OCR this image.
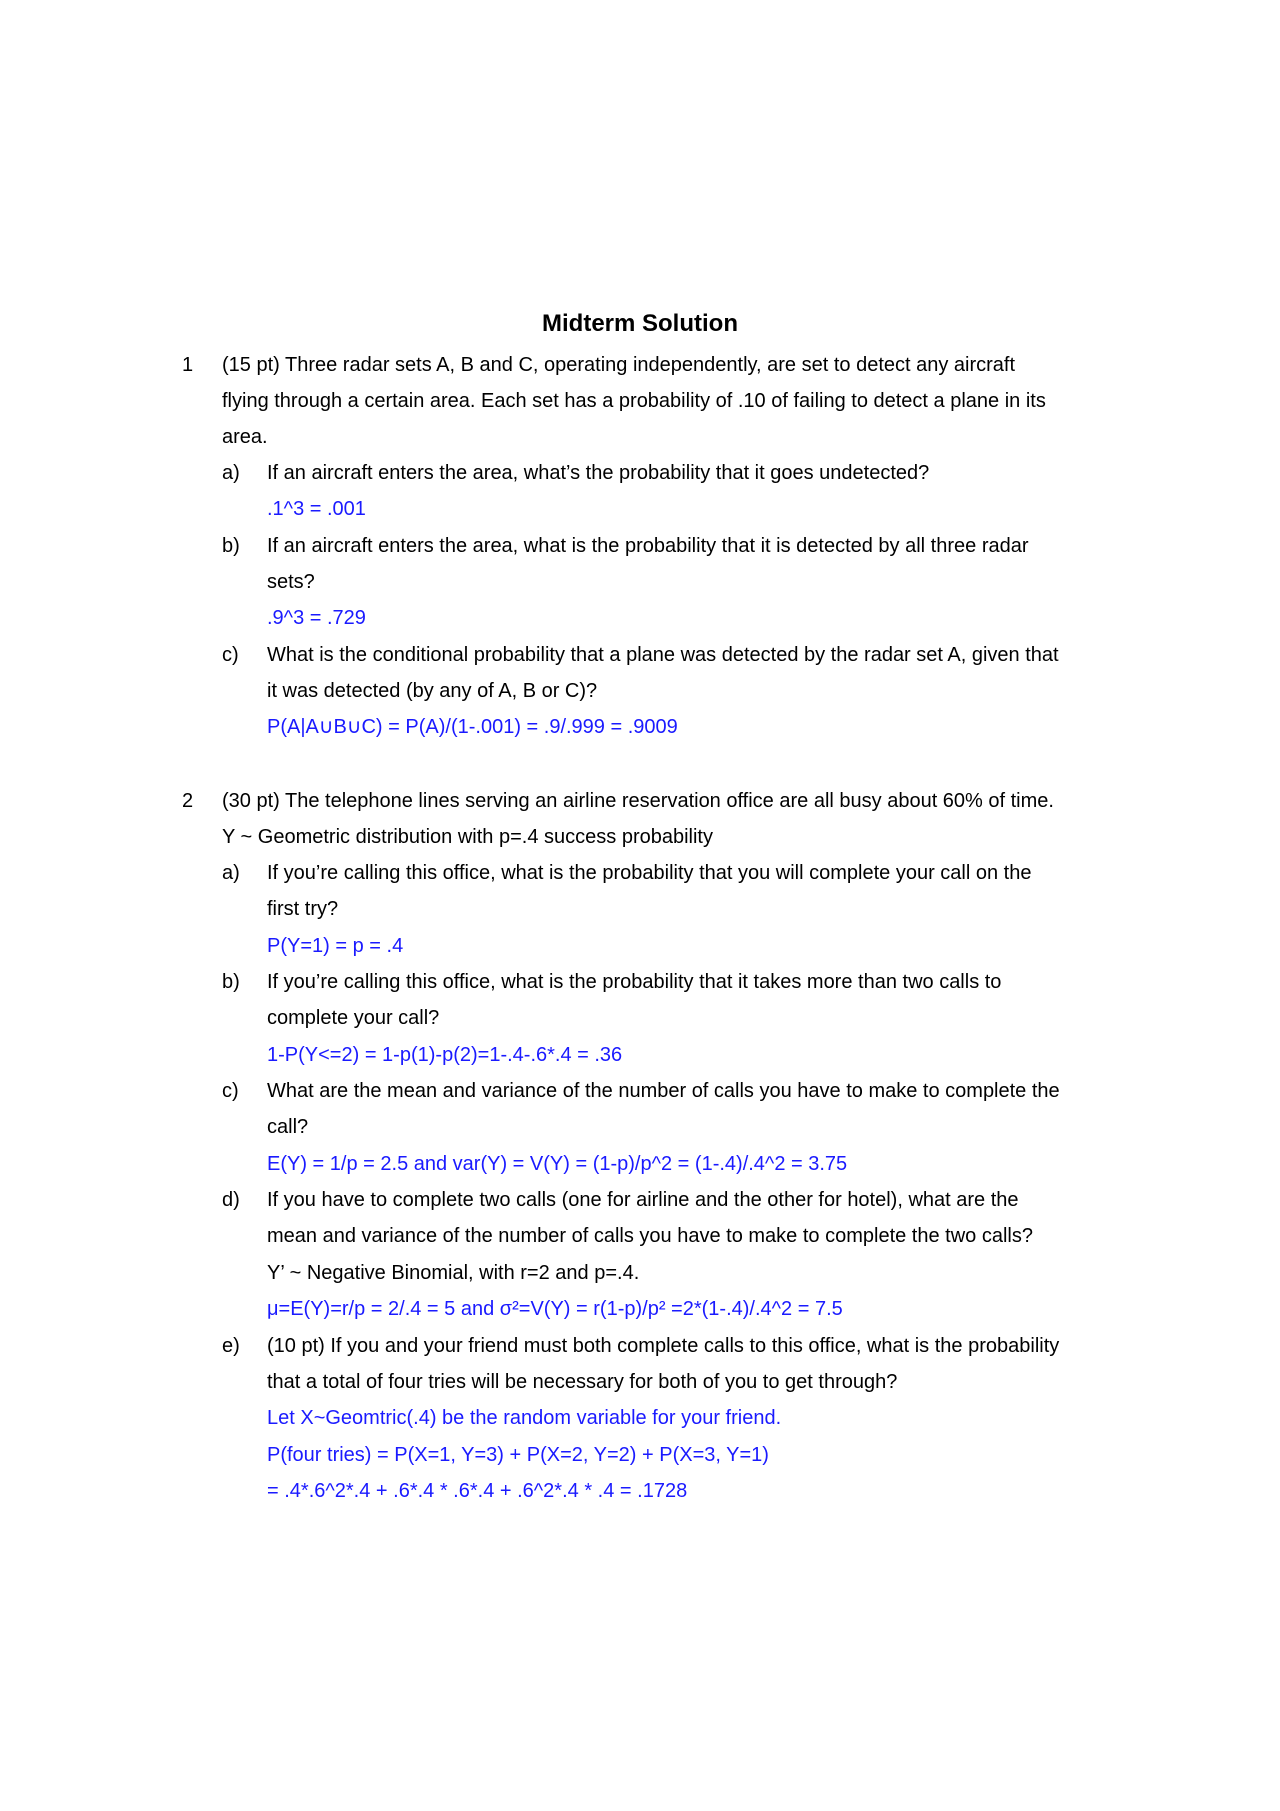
Midterm Solution
1 (15 pt) Three radar sets A, B and C, operating independently, are set to detect any aircraft
flying through a certain area. Each set has a probability of .10 of failing to detect a plane in its
area.
a) If an aircraft enters the area, what’s the probability that it goes undetected?
.1^3 = .001
b) If an aircraft enters the area, what is the probability that it is detected by all three radar
sets?
.9^3 = .729
c) What is the conditional probability that a plane was detected by the radar set A, given that
it was detected (by any of A, B or C)?
P(A|A∪B∪C) = P(A)/(1-.001) = .9/.999 = .9009
2 (30 pt) The telephone lines serving an airline reservation office are all busy about 60% of time.
Y ~ Geometric distribution with p=.4 success probability
a) If you’re calling this office, what is the probability that you will complete your call on the
first try?
P(Y=1) = p = .4
b) If you’re calling this office, what is the probability that it takes more than two calls to
complete your call?
1-P(Y<=2) = 1-p(1)-p(2)=1-.4-.6*.4 = .36
c) What are the mean and variance of the number of calls you have to make to complete the
call?
E(Y) = 1/p = 2.5 and var(Y) = V(Y) = (1-p)/p^2 = (1-.4)/.4^2 = 3.75
d) If you have to complete two calls (one for airline and the other for hotel), what are the
mean and variance of the number of calls you have to make to complete the two calls?
Y’ ~ Negative Binomial, with r=2 and p=.4.
μ=E(Y)=r/p = 2/.4 = 5 and σ²=V(Y) = r(1-p)/p² =2*(1-.4)/.4^2 = 7.5
e) (10 pt) If you and your friend must both complete calls to this office, what is the probability
that a total of four tries will be necessary for both of you to get through?
Let X~Geomtric(.4) be the random variable for your friend.
P(four tries) = P(X=1, Y=3) + P(X=2, Y=2) + P(X=3, Y=1)
= .4*.6^2*.4 + .6*.4 * .6*.4 + .6^2*.4 * .4 = .1728
